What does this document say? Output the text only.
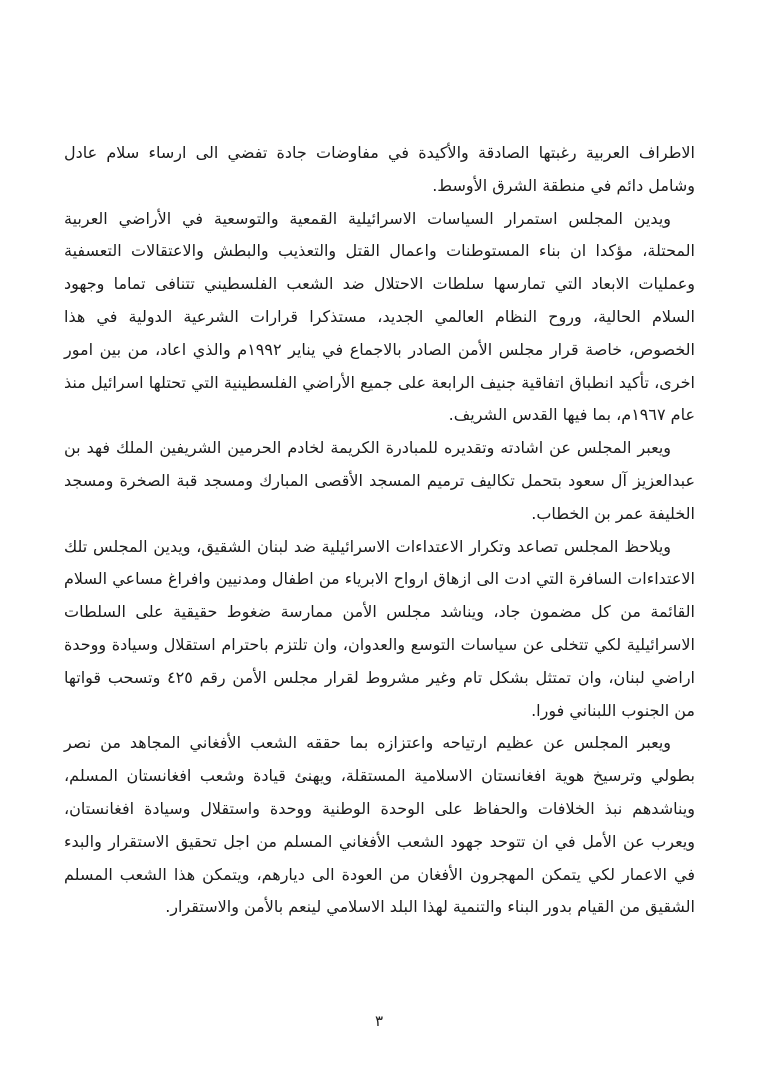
الاطراف العربية رغبتها الصادقة والأكيدة في مفاوضات جادة تفضي الى ارساء سلام عادل وشامل دائم في منطقة الشرق الأوسط.

ويدين المجلس استمرار السياسات الاسرائيلية القمعية والتوسعية في الأراضي العربية المحتلة، مؤكدا ان بناء المستوطنات واعمال القتل والتعذيب والبطش والاعتقالات التعسفية وعمليات الابعاد التي تمارسها سلطات الاحتلال ضد الشعب الفلسطيني تتنافى تماما وجهود السلام الحالية، وروح النظام العالمي الجديد، مستذكرا قرارات الشرعية الدولية في هذا الخصوص، خاصة قرار مجلس الأمن الصادر بالاجماع في يناير ١٩٩٢م والذي اعاد، من بين امور اخرى، تأكيد انطباق اتفاقية جنيف الرابعة على جميع الأراضي الفلسطينية التي تحتلها اسرائيل منذ عام ١٩٦٧م، بما فيها القدس الشريف.

ويعبر المجلس عن اشادته وتقديره للمبادرة الكريمة لخادم الحرمين الشريفين الملك فهد بن عبدالعزيز آل سعود بتحمل تكاليف ترميم المسجد الأقصى المبارك ومسجد قبة الصخرة ومسجد الخليفة عمر بن الخطاب.

ويلاحظ المجلس تصاعد وتكرار الاعتداءات الاسرائيلية ضد لبنان الشقيق، ويدين المجلس تلك الاعتداءات السافرة التي ادت الى ازهاق ارواح الابرياء من اطفال ومدنيين وافراغ مساعي السلام القائمة من كل مضمون جاد، ويناشد مجلس الأمن ممارسة ضغوط حقيقية على السلطات الاسرائيلية لكي تتخلى عن سياسات التوسع والعدوان، وان تلتزم باحترام استقلال وسيادة ووحدة اراضي لبنان، وان تمتثل بشكل تام وغير مشروط لقرار مجلس الأمن رقم ٤٢٥ وتسحب قواتها من الجنوب اللبناني فورا.

ويعبر المجلس عن عظيم ارتياحه واعتزازه بما حققه الشعب الأفغاني المجاهد من نصر بطولي وترسيخ هوية افغانستان الاسلامية المستقلة، ويهنئ قيادة وشعب افغانستان المسلم، ويناشدهم نبذ الخلافات والحفاظ على الوحدة الوطنية ووحدة واستقلال وسيادة افغانستان، ويعرب عن الأمل في ان تتوحد جهود الشعب الأفغاني المسلم من اجل تحقيق الاستقرار والبدء في الاعمار لكي يتمكن المهجرون الأفغان من العودة الى ديارهم، ويتمكن هذا الشعب المسلم الشقيق من القيام بدور البناء والتنمية لهذا البلد الاسلامي لينعم بالأمن والاستقرار.

٣
